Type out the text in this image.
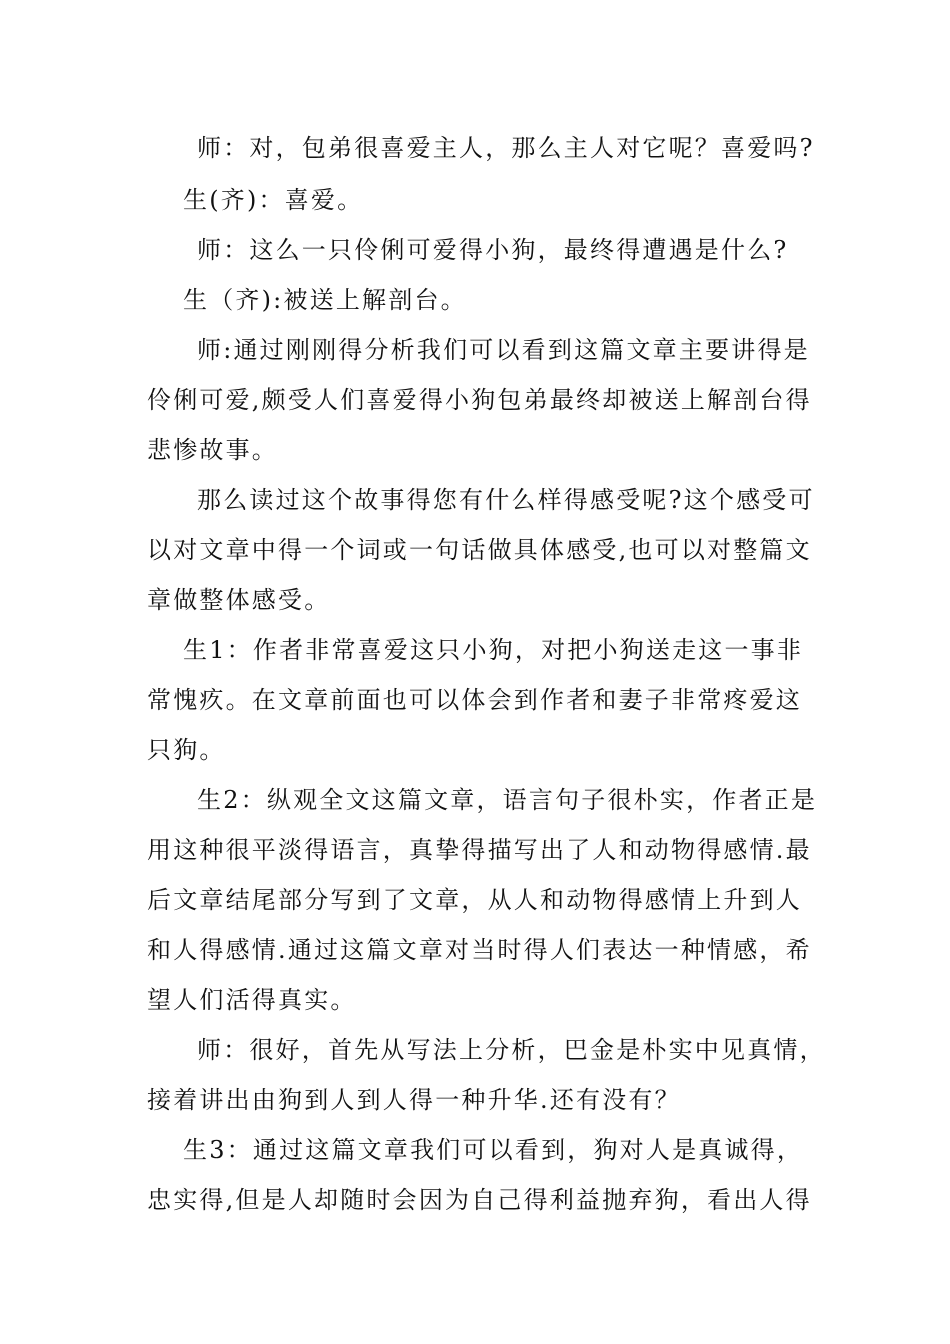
师：对，包弟很喜爱主人，那么主人对它呢？喜爱吗?
生(齐)：喜爱。
师：这么一只伶俐可爱得小狗，最终得遭遇是什么?
生（齐):被送上解剖台。
师:通过刚刚得分析我们可以看到这篇文章主要讲得是
伶俐可爱,颇受人们喜爱得小狗包弟最终却被送上解剖台得
悲惨故事。
那么读过这个故事得您有什么样得感受呢?这个感受可
以对文章中得一个词或一句话做具体感受,也可以对整篇文
章做整体感受。
生1：作者非常喜爱这只小狗，对把小狗送走这一事非
常愧疚。在文章前面也可以体会到作者和妻子非常疼爱这
只狗。
生2：纵观全文这篇文章，语言句子很朴实，作者正是
用这种很平淡得语言，真挚得描写出了人和动物得感情.最
后文章结尾部分写到了文章，从人和动物得感情上升到人
和人得感情.通过这篇文章对当时得人们表达一种情感，希
望人们活得真实。
师：很好，首先从写法上分析，巴金是朴实中见真情，
接着讲出由狗到人到人得一种升华.还有没有？
生3：通过这篇文章我们可以看到，狗对人是真诚得，
忠实得,但是人却随时会因为自己得利益抛弃狗，看出人得
